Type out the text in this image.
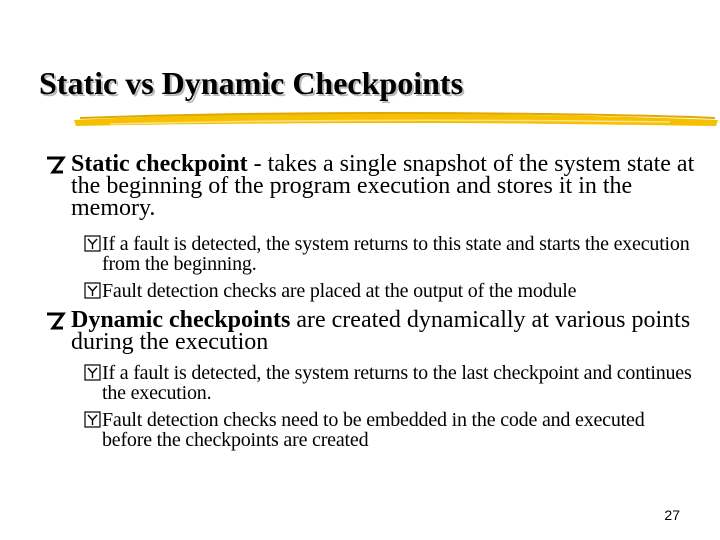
Static vs Dynamic Checkpoints
Static checkpoint - takes a single snapshot of the system state at the beginning of the program execution and stores it in the memory.
If a fault is detected, the system returns to this state and starts the execution from the beginning.
Fault detection checks are placed at the output of the module
Dynamic checkpoints are created dynamically at various points during the execution
If a fault is detected, the system returns to the last checkpoint and continues the execution.
Fault detection checks need to be embedded in the code and executed before the checkpoints are created
27
